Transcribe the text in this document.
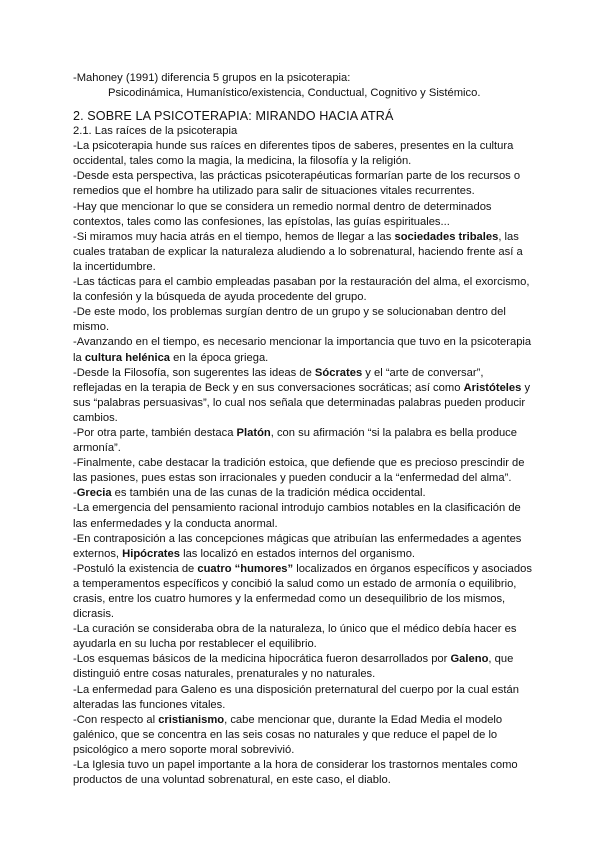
-Mahoney (1991) diferencia 5 grupos en la psicoterapia:
Psicodinámica, Humanístico/existencia, Conductual, Cognitivo y Sistémico.
2. SOBRE LA PSICOTERAPIA: MIRANDO HACIA ATRÁ
2.1. Las raíces de la psicoterapia
-La psicoterapia hunde sus raíces en diferentes tipos de saberes, presentes en la cultura
occidental, tales como la magia, la medicina, la filosofía y la religión.
-Desde esta perspectiva, las prácticas psicoterapéuticas formarían parte de los recursos o
remedios que el hombre ha utilizado para salir de situaciones vitales recurrentes.
-Hay que mencionar lo que se considera un remedio normal dentro de determinados
contextos, tales como las confesiones, las epístolas, las guías espirituales...
-Si miramos muy hacia atrás en el tiempo, hemos de llegar a las sociedades tribales, las
cuales trataban de explicar la naturaleza aludiendo a lo sobrenatural, haciendo frente así a
la incertidumbre.
-Las tácticas para el cambio empleadas pasaban por la restauración del alma, el exorcismo,
la confesión y la búsqueda de ayuda procedente del grupo.
-De este modo, los problemas surgían dentro de un grupo y se solucionaban dentro del
mismo.
-Avanzando en el tiempo, es necesario mencionar la importancia que tuvo en la psicoterapia
la cultura helénica en la época griega.
-Desde la Filosofía, son sugerentes las ideas de Sócrates y el “arte de conversar”,
reflejadas en la terapia de Beck y en sus conversaciones socráticas; así como Aristóteles y
sus “palabras persuasivas”, lo cual nos señala que determinadas palabras pueden producir
cambios.
-Por otra parte, también destaca Platón, con su afirmación “si la palabra es bella produce
armonía”.
-Finalmente, cabe destacar la tradición estoica, que defiende que es precioso prescindir de
las pasiones, pues estas son irracionales y pueden conducir a la “enfermedad del alma”.
-Grecia es también una de las cunas de la tradición médica occidental.
-La emergencia del pensamiento racional introdujo cambios notables en la clasificación de
las enfermedades y la conducta anormal.
-En contraposición a las concepciones mágicas que atribuían las enfermedades a agentes
externos, Hipócrates las localizó en estados internos del organismo.
-Postuló la existencia de cuatro “humores” localizados en órganos específicos y asociados
a temperamentos específicos y concibió la salud como un estado de armonía o equilibrio,
crasis, entre los cuatro humores y la enfermedad como un desequilibrio de los mismos,
dicrasis.
-La curación se consideraba obra de la naturaleza, lo único que el médico debía hacer es
ayudarla en su lucha por restablecer el equilibrio.
-Los esquemas básicos de la medicina hipocrática fueron desarrollados por Galeno, que
distinguió entre cosas naturales, prenaturales y no naturales.
-La enfermedad para Galeno es una disposición preternatural del cuerpo por la cual están
alteradas las funciones vitales.
-Con respecto al cristianismo, cabe mencionar que, durante la Edad Media el modelo
galénico, que se concentra en las seis cosas no naturales y que reduce el papel de lo
psicológico a mero soporte moral sobrevivió.
-La Iglesia tuvo un papel importante a la hora de considerar los trastornos mentales como
productos de una voluntad sobrenatural, en este caso, el diablo.
